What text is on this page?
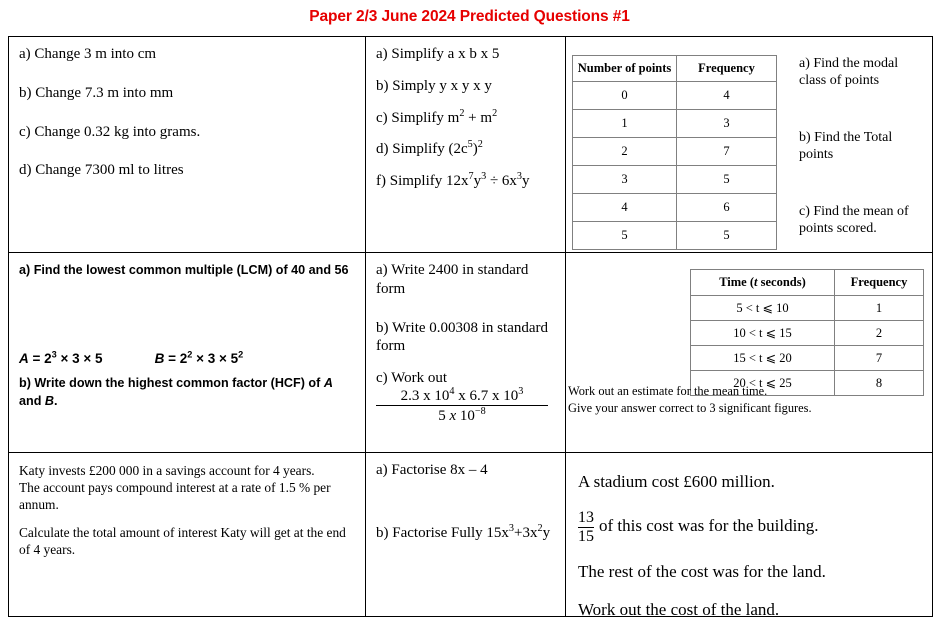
Paper 2/3 June 2024 Predicted Questions #1
a) Change 3 m into cm
b) Change 7.3 m into mm
c) Change 0.32 kg into grams.
d) Change 7300 ml to litres
a) Simplify a x b x 5
b) Simply y x y x y
c) Simplify $m^2 + m^2$
d) Simplify $(2c^5)^2$
f) Simplify $12x^7y^3 \div 6x^3y$
Number of points	Frequency
0	4
1	3
2	7
3	5
4	6
5	5
a) Find the modal class of points
b) Find the Total points
c) Find the mean of points scored.
a) Find the lowest common multiple (LCM) of 40 and 56
$A = 2^3 \times 3 \times 5$	$B = 2^2 \times 3 \times 5^2$
b) Write down the highest common factor (HCF) of A and B.
a) Write 2400 in standard form
b) Write 0.00308 in standard form
c) Work out
2.3 x $10^4$ x 6.7 x $10^3$
5 x $10^{-8}$
Time (t seconds)	Frequency
5 < t ⩽ 10	1
10 < t ⩽ 15	2
15 < t ⩽ 20	7
20 < t ⩽ 25	8
Work out an estimate for the mean time.
Give your answer correct to 3 significant figures.
Katy invests £200 000 in a savings account for 4 years.
The account pays compound interest at a rate of 1.5 % per annum.
Calculate the total amount of interest Katy will get at the end of 4 years.
a) Factorise 8x – 4
b) Factorise Fully $15x^3+3x^2y$
A stadium cost £600 million.
$\frac{13}{15}$ of this cost was for the building.
The rest of the cost was for the land.
Work out the cost of the land.
